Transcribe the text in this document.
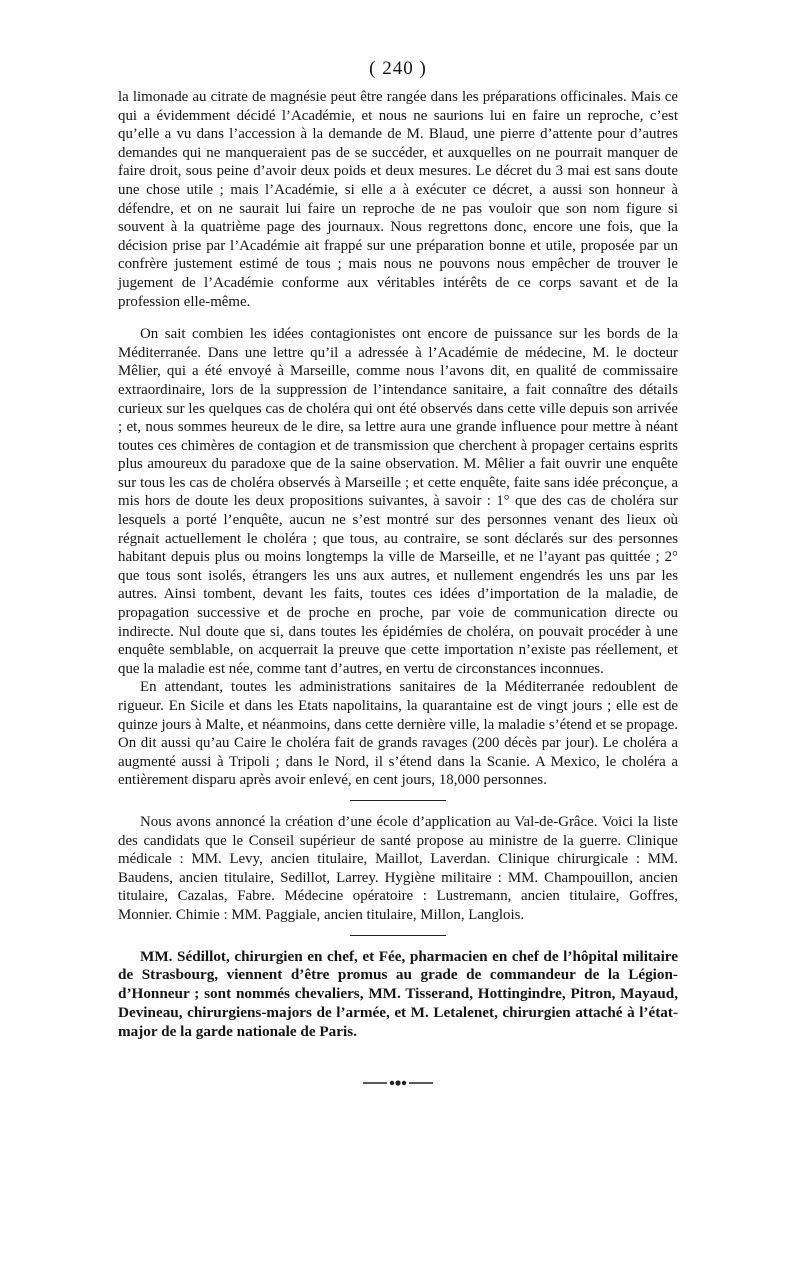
( 240 )

la limonade au citrate de magnésie peut être rangée dans les préparations officinales. Mais ce qui a évidemment décidé l’Académie, et nous ne saurions lui en faire un reproche, c’est qu’elle a vu dans l’accession à la demande de M. Blaud, une pierre d’attente pour d’autres demandes qui ne manqueraient pas de se succéder, et auxquelles on ne pourrait manquer de faire droit, sous peine d’avoir deux poids et deux mesures. Le décret du 3 mai est sans doute une chose utile ; mais l’Académie, si elle a à exécuter ce décret, a aussi son honneur à défendre, et on ne saurait lui faire un reproche de ne pas vouloir que son nom figure si souvent à la quatrième page des journaux. Nous regrettons donc, encore une fois, que la décision prise par l’Académie ait frappé sur une préparation bonne et utile, proposée par un confrère justement estimé de tous ; mais nous ne pouvons nous empêcher de trouver le jugement de l’Académie conforme aux véritables intérêts de ce corps savant et de la profession elle-même.

On sait combien les idées contagionistes ont encore de puissance sur les bords de la Méditerranée. Dans une lettre qu’il a adressée à l’Académie de médecine, M. le docteur Mêlier, qui a été envoyé à Marseille, comme nous l’avons dit, en qualité de commissaire extraordinaire, lors de la suppression de l’intendance sanitaire, a fait connaître des détails curieux sur les quelques cas de choléra qui ont été observés dans cette ville depuis son arrivée ; et, nous sommes heureux de le dire, sa lettre aura une grande influence pour mettre à néant toutes ces chimères de contagion et de transmission que cherchent à propager certains esprits plus amoureux du paradoxe que de la saine observation. M. Mêlier a fait ouvrir une enquête sur tous les cas de choléra observés à Marseille ; et cette enquête, faite sans idée préconçue, a mis hors de doute les deux propositions suivantes, à savoir : 1° que des cas de choléra sur lesquels a porté l’enquête, aucun ne s’est montré sur des personnes venant des lieux où régnait actuellement le choléra ; que tous, au contraire, se sont déclarés sur des personnes habitant depuis plus ou moins longtemps la ville de Marseille, et ne l’ayant pas quittée ; 2° que tous sont isolés, étrangers les uns aux autres, et nullement engendrés les uns par les autres. Ainsi tombent, devant les faits, toutes ces idées d’importation de la maladie, de propagation successive et de proche en proche, par voie de communication directe ou indirecte. Nul doute que si, dans toutes les épidémies de choléra, on pouvait procéder à une enquête semblable, on acquerrait la preuve que cette importation n’existe pas réellement, et que la maladie est née, comme tant d’autres, en vertu de circonstances inconnues.

En attendant, toutes les administrations sanitaires de la Méditerranée redoublent de rigueur. En Sicile et dans les Etats napolitains, la quarantaine est de vingt jours ; elle est de quinze jours à Malte, et néanmoins, dans cette dernière ville, la maladie s’étend et se propage. On dit aussi qu’au Caire le choléra fait de grands ravages (200 décès par jour). Le choléra a augmenté aussi à Tripoli ; dans le Nord, il s’étend dans la Scanie. A Mexico, le choléra a entièrement disparu après avoir enlevé, en cent jours, 18,000 personnes.

Nous avons annoncé la création d’une école d’application au Val-de-Grâce. Voici la liste des candidats que le Conseil supérieur de santé propose au ministre de la guerre. Clinique médicale : MM. Levy, ancien titulaire, Maillot, Laverdan. Clinique chirurgicale : MM. Baudens, ancien titulaire, Sedillot, Larrey. Hygiène militaire : MM. Champouillon, ancien titulaire, Cazalas, Fabre. Médecine opératoire : Lustremann, ancien titulaire, Goffres, Monnier. Chimie : MM. Paggiale, ancien titulaire, Millon, Langlois.

MM. Sédillot, chirurgien en chef, et Fée, pharmacien en chef de l’hôpital militaire de Strasbourg, viennent d’être promus au grade de commandeur de la Légion-d’Honneur ; sont nommés chevaliers, MM. Tisserand, Hottingindre, Pitron, Mayaud, Devineau, chirurgiens-majors de l’armée, et M. Letalenet, chirurgien attaché à l’état-major de la garde nationale de Paris.
